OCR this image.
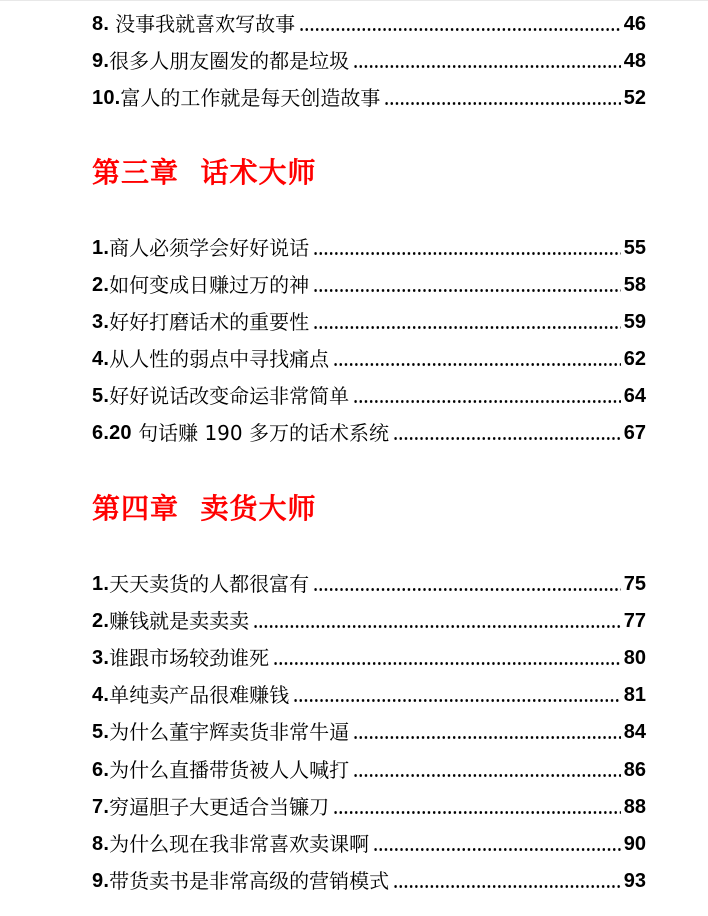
8. 没事我就喜欢写故事	46
9. 很多人朋友圈发的都是垃圾	48
10. 富人的工作就是每天创造故事	52
第三章  话术大师
1. 商人必须学会好好说话	55
2. 如何变成日赚过万的神	58
3. 好好打磨话术的重要性	59
4. 从人性的弱点中寻找痛点	62
5. 好好说话改变命运非常简单	64
6.20 句话赚 190 多万的话术系统	67
第四章  卖货大师
1. 天天卖货的人都很富有	75
2. 赚钱就是卖卖卖	77
3. 谁跟市场较劲谁死	80
4. 单纯卖产品很难赚钱	81
5. 为什么董宇辉卖货非常牛逼	84
6. 为什么直播带货被人人喊打	86
7. 穷逼胆子大更适合当镰刀	88
8. 为什么现在我非常喜欢卖课啊	90
9. 带货卖书是非常高级的营销模式	93
